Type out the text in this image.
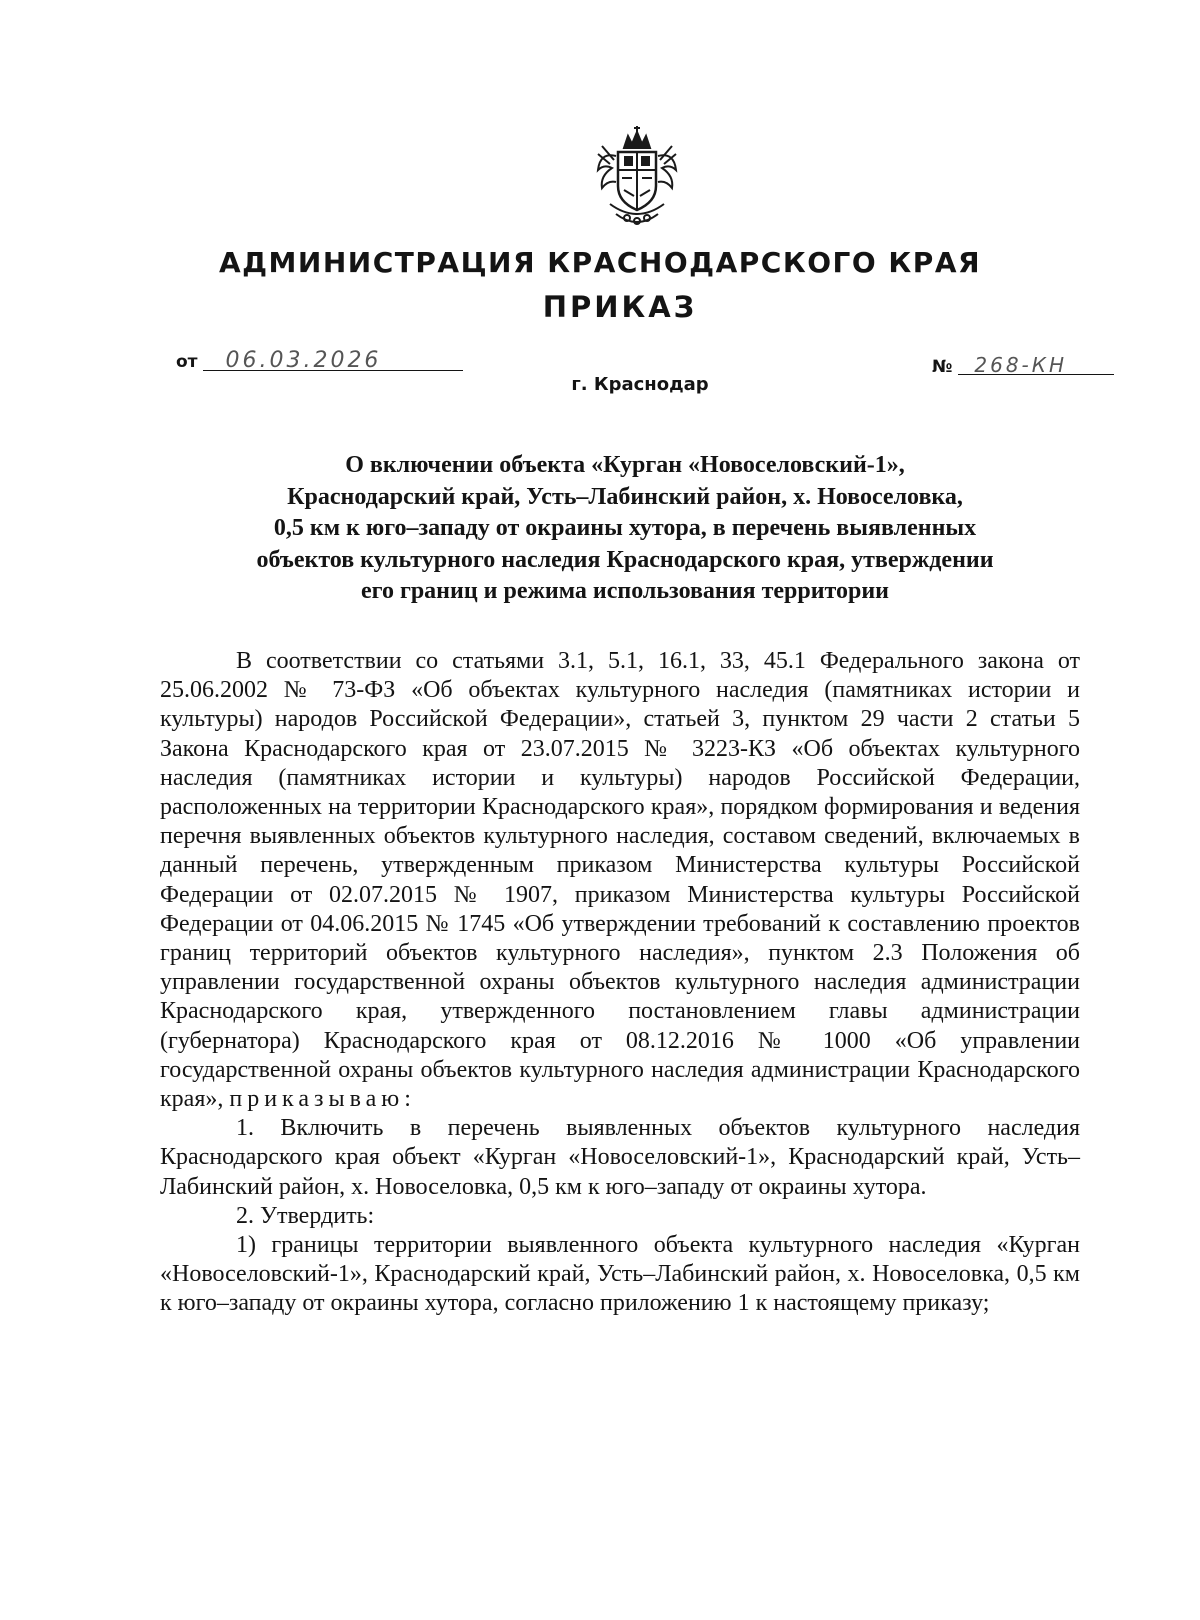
АДМИНИСТРАЦИЯ КРАСНОДАРСКОГО КРАЯ
ПРИКАЗ
от 06.03.2026	№ 268-КН
г. Краснодар
О включении объекта «Курган «Новоселовский-1»,
Краснодарский край, Усть–Лабинский район, х. Новоселовка,
0,5 км к юго–западу от окраины хутора, в перечень выявленных
объектов культурного наследия Краснодарского края, утверждении
его границ и режима использования территории

В соответствии со статьями 3.1, 5.1, 16.1, 33, 45.1 Федерального закона от 25.06.2002 № 73-ФЗ «Об объектах культурного наследия (памятниках истории и культуры) народов Российской Федерации», статьей 3, пунктом 29 части 2 статьи 5 Закона Краснодарского края от 23.07.2015 № 3223-КЗ «Об объектах культурного наследия (памятниках истории и культуры) народов Российской Федерации, расположенных на территории Краснодарского края», порядком формирования и ведения перечня выявленных объектов культурного наследия, составом сведений, включаемых в данный перечень, утвержденным приказом Министерства культуры Российской Федерации от 02.07.2015 № 1907, приказом Министерства культуры Российской Федерации от 04.06.2015 № 1745 «Об утверждении требований к составлению проектов границ территорий объектов культурного наследия», пунктом 2.3 Положения об управлении государственной охраны объектов культурного наследия администрации Краснодарского края, утвержденного постановлением главы администрации (губернатора) Краснодарского края от 08.12.2016 № 1000 «Об управлении государственной охраны объектов культурного наследия администрации Краснодарского края», приказываю:

1. Включить в перечень выявленных объектов культурного наследия Краснодарского края объект «Курган «Новоселовский-1», Краснодарский край, Усть–Лабинский район, х. Новоселовка, 0,5 км к юго–западу от окраины хутора.

2. Утвердить:

1) границы территории выявленного объекта культурного наследия «Курган «Новоселовский-1», Краснодарский край, Усть–Лабинский район, х. Новоселовка, 0,5 км к юго–западу от окраины хутора, согласно приложению 1 к настоящему приказу;
